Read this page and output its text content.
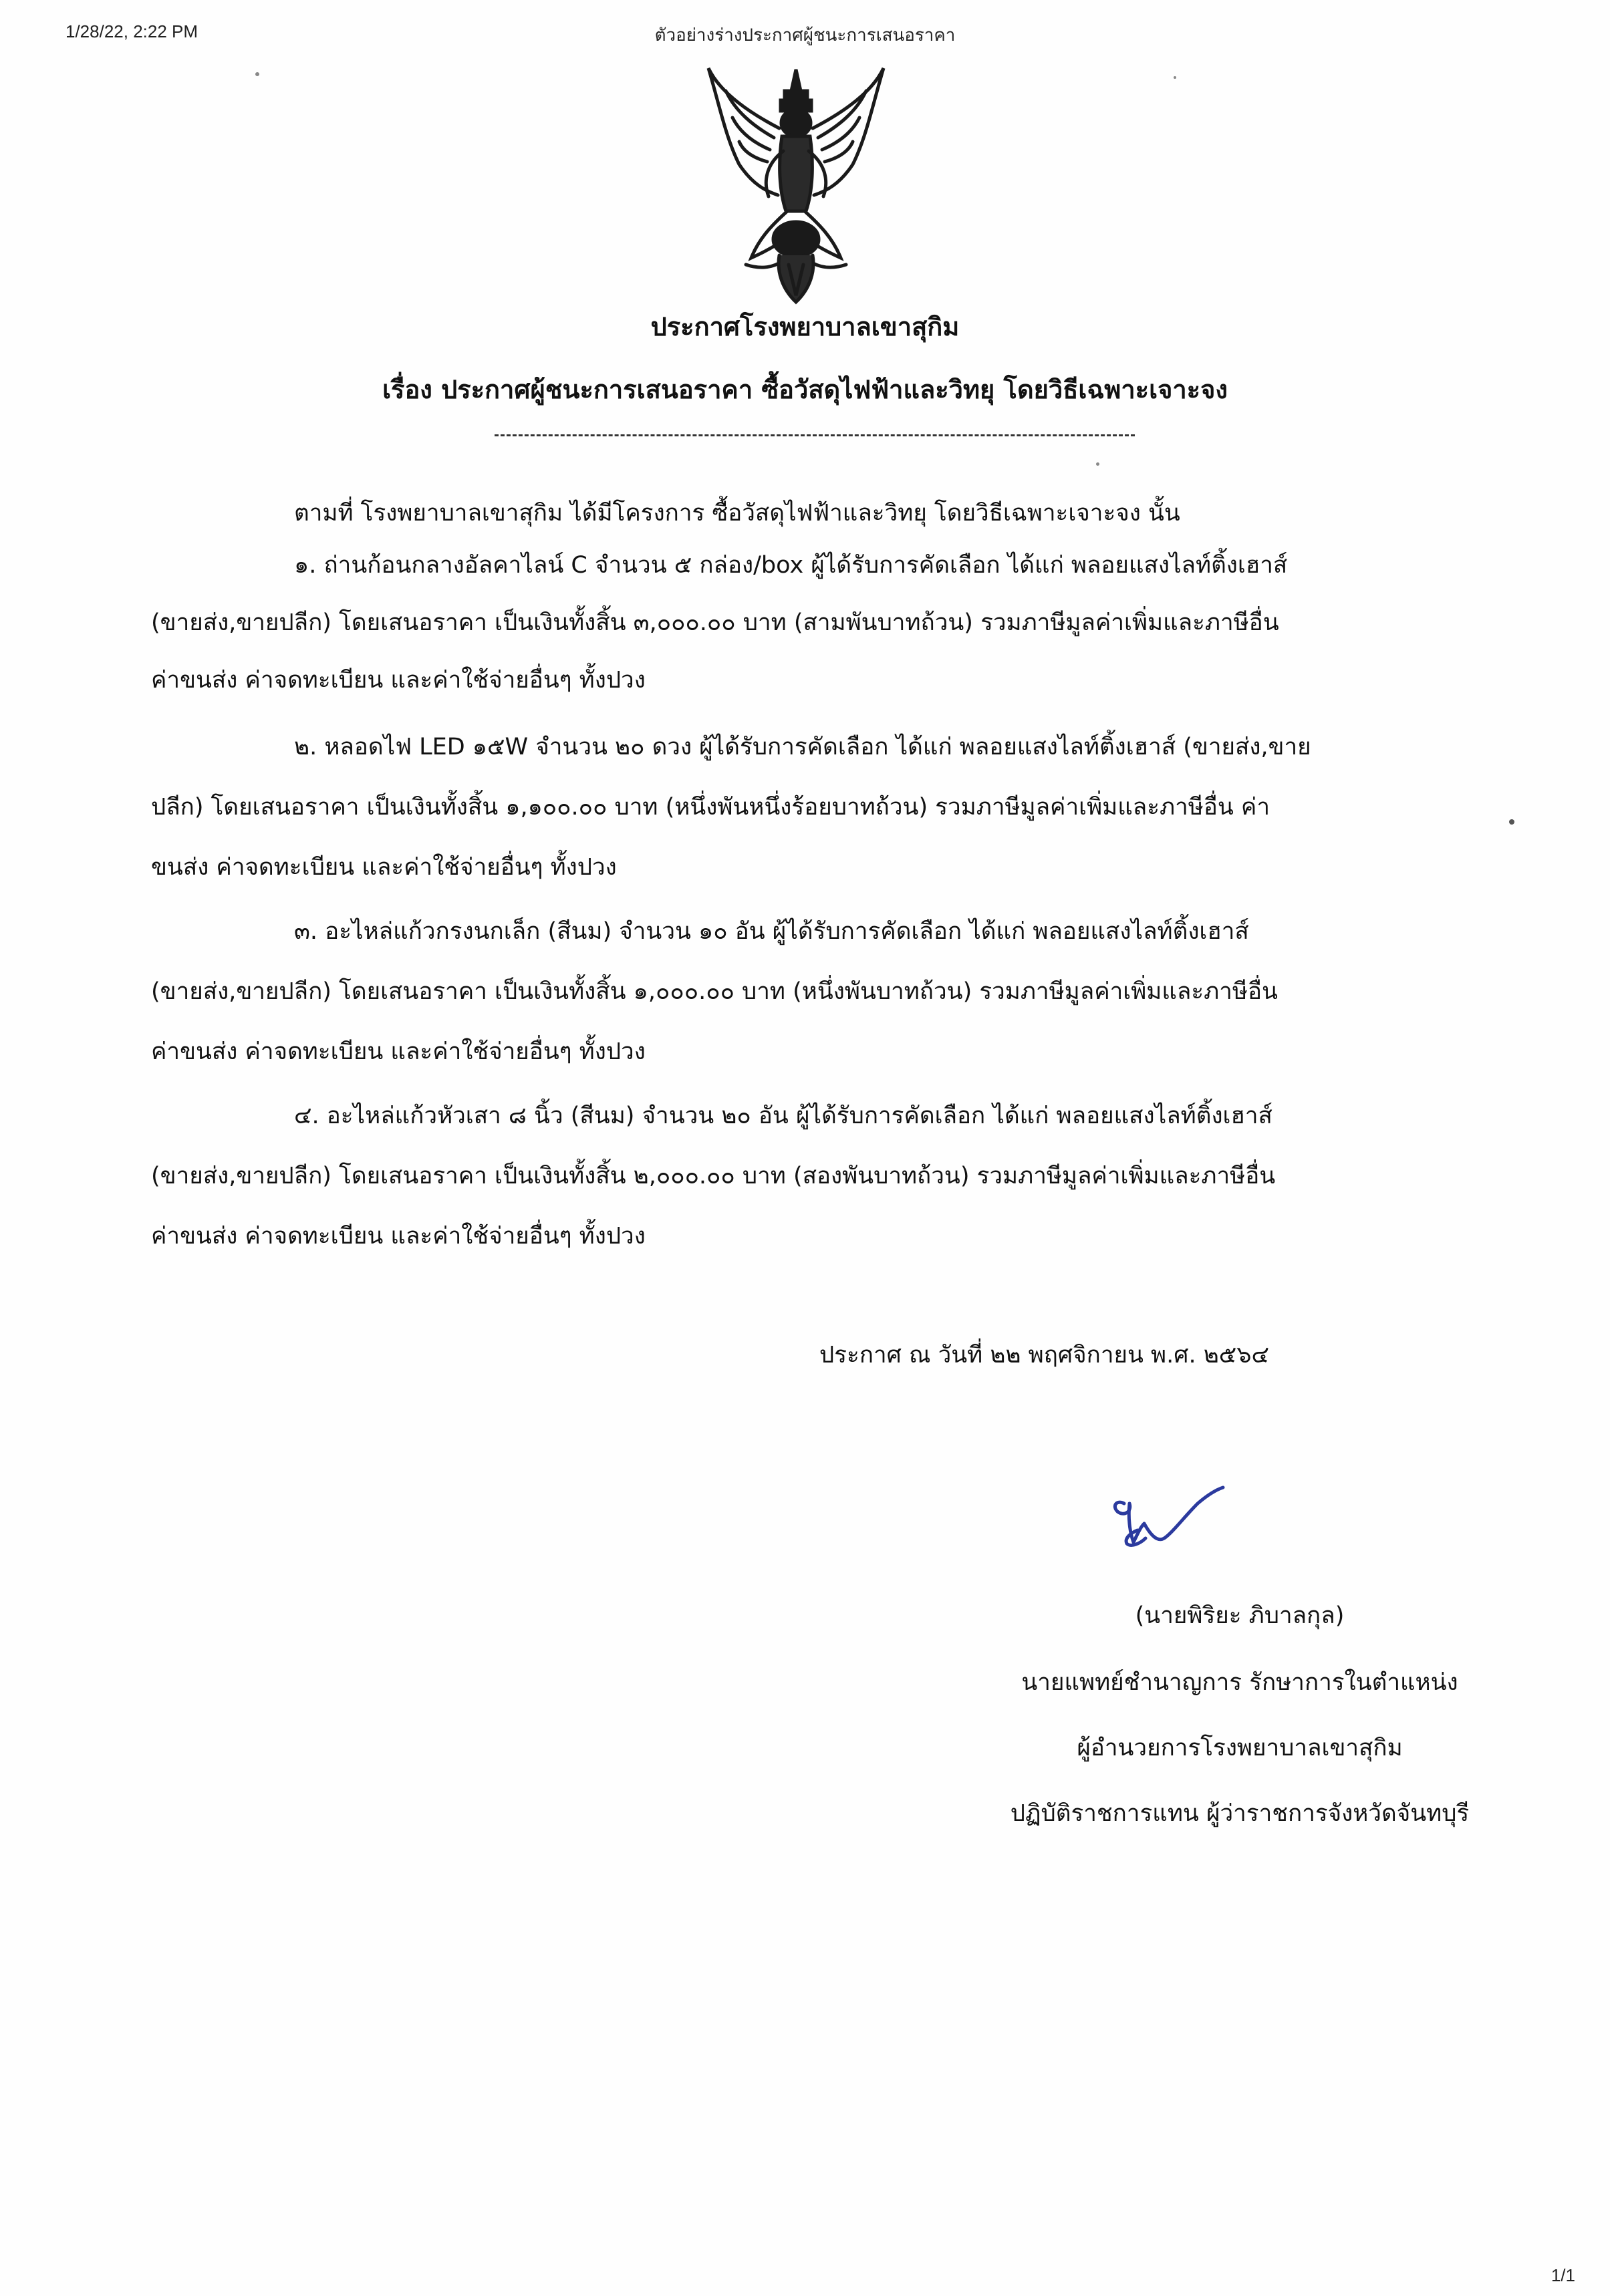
1/28/22, 2:22 PM	ตัวอย่างร่างประกาศผู้ชนะการเสนอราคา
ประกาศโรงพยาบาลเขาสุกิม
เรื่อง ประกาศผู้ชนะการเสนอราคา ซื้อวัสดุไฟฟ้าและวิทยุ โดยวิธีเฉพาะเจาะจง
ตามที่ โรงพยาบาลเขาสุกิม ได้มีโครงการ ซื้อวัสดุไฟฟ้าและวิทยุ โดยวิธีเฉพาะเจาะจง นั้น
๑. ถ่านก้อนกลางอัลคาไลน์ C จำนวน ๕ กล่อง/box ผู้ได้รับการคัดเลือก ได้แก่ พลอยแสงไลท์ติ้งเฮาส์
(ขายส่ง,ขายปลีก) โดยเสนอราคา เป็นเงินทั้งสิ้น ๓,๐๐๐.๐๐ บาท (สามพันบาทถ้วน) รวมภาษีมูลค่าเพิ่มและภาษีอื่น
ค่าขนส่ง ค่าจดทะเบียน และค่าใช้จ่ายอื่นๆ ทั้งปวง
๒. หลอดไฟ LED ๑๕W จำนวน ๒๐ ดวง ผู้ได้รับการคัดเลือก ได้แก่ พลอยแสงไลท์ติ้งเฮาส์ (ขายส่ง,ขาย
ปลีก) โดยเสนอราคา เป็นเงินทั้งสิ้น ๑,๑๐๐.๐๐ บาท (หนึ่งพันหนึ่งร้อยบาทถ้วน) รวมภาษีมูลค่าเพิ่มและภาษีอื่น ค่า
ขนส่ง ค่าจดทะเบียน และค่าใช้จ่ายอื่นๆ ทั้งปวง
๓. อะไหล่แก้วกรงนกเล็ก (สีนม) จำนวน ๑๐ อัน ผู้ได้รับการคัดเลือก ได้แก่ พลอยแสงไลท์ติ้งเฮาส์
(ขายส่ง,ขายปลีก) โดยเสนอราคา เป็นเงินทั้งสิ้น ๑,๐๐๐.๐๐ บาท (หนึ่งพันบาทถ้วน) รวมภาษีมูลค่าเพิ่มและภาษีอื่น
ค่าขนส่ง ค่าจดทะเบียน และค่าใช้จ่ายอื่นๆ ทั้งปวง
๔. อะไหล่แก้วหัวเสา ๘ นิ้ว (สีนม) จำนวน ๒๐ อัน ผู้ได้รับการคัดเลือก ได้แก่ พลอยแสงไลท์ติ้งเฮาส์
(ขายส่ง,ขายปลีก) โดยเสนอราคา เป็นเงินทั้งสิ้น ๒,๐๐๐.๐๐ บาท (สองพันบาทถ้วน) รวมภาษีมูลค่าเพิ่มและภาษีอื่น
ค่าขนส่ง ค่าจดทะเบียน และค่าใช้จ่ายอื่นๆ ทั้งปวง
ประกาศ ณ วันที่ ๒๒ พฤศจิกายน พ.ศ. ๒๕๖๔
(นายพิริยะ ภิบาลกุล)
นายแพทย์ชำนาญการ รักษาการในตำแหน่ง
ผู้อำนวยการโรงพยาบาลเขาสุกิม
ปฏิบัติราชการแทน ผู้ว่าราชการจังหวัดจันทบุรี
1/1
